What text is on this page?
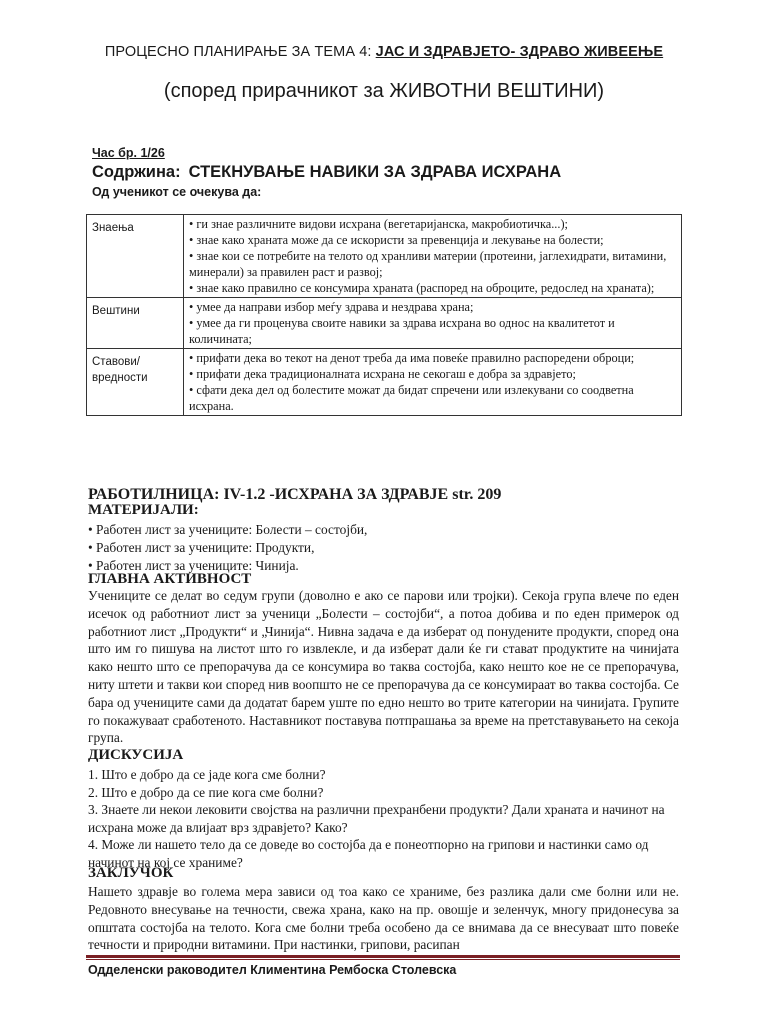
ПРОЦЕСНО ПЛАНИРАЊЕ ЗА ТЕМА 4: ЈАС И ЗДРАВЈЕТО- ЗДРАВО ЖИВЕЕЊЕ
(според прирачникот за ЖИВОТНИ ВЕШТИНИ)
Час бр. 1/26
Содржина: СТЕКНУВАЊЕ НАВИКИ ЗА ЗДРАВА ИСХРАНА
Од ученикот се очекува да:
Знаења	• ги знае различните видови исхрана (вегетаријанска, макробиотичка...);
• знае како храната може да се искористи за превенција и лекување на болести;
• знае кои се потребите на телото од хранливи материи (протеини, јаглехидрати, витамини, минерали) за правилен раст и развој;
• знае како правилно се консумира храната (распоред на оброците, редослед на храната);

Вештини	• умее да направи избор меѓу здрава и нездрава храна;
• умее да ги проценува своите навики за здрава исхрана во однос на квалитетот и количината;

Ставови/ вредности	• прифати дека во текот на денот треба да има повеќе правилно распоредени оброци;
• прифати дека традиционалната исхрана не секогаш е добра за здравјето;
• сфати дека дел од болестите можат да бидат спречени или излекувани со соодветна исхрана.
РАБОТИЛНИЦА: IV-1.2 -ИСХРАНА ЗА ЗДРАВЈЕ str. 209
МАТЕРИЈАЛИ:
• Работен лист за учениците: Болести – состојби,
• Работен лист за учениците: Продукти,
• Работен лист за учениците: Чинија.
ГЛАВНА АКТИВНОСТ
Учениците се делат во седум групи (доволно е ако се парови или тројки). Секоја група влече по еден исечок од работниот лист за ученици „Болести – состојби“, а потоа добива и по еден примерок од работниот лист „Продукти“ и „Чинија“. Нивна задача е да изберат од понудените продукти, според она што им го пишува на листот што го извлекле, и да изберат дали ќе ги стават продуктите на чинијата како нешто што се препорачува да се консумира во таква состојба, како нешто кое не се препорачува, ниту штети и такви кои според нив воопшто не се препорачува да се консумираат во таква состојба. Се бара од учениците сами да додатат барем уште по едно нешто во трите категории на чинијата. Групите го покажуваат сработеното. Наставникот поставува потпрашања за време на претставувањето на секоја група.
ДИСКУСИЈА
1. Што е добро да се јаде кога сме болни?
2. Што е добро да се пие кога сме болни?
3. Знаете ли некои лековити својства на различни прехранбени продукти? Дали храната и начинот на исхрана може да влијаат врз здравјето? Како?
4. Може ли нашето тело да се доведе во состојба да е понеотпорно на грипови и настинки само од начинот на кој се храниме?
ЗАКЛУЧОК
Нашето здравје во голема мера зависи од тоа како се храниме, без разлика дали сме болни или не. Редовното внесување на течности, свежа храна, како на пр. овошје и зеленчук, многу придонесува за општата состојба на телото. Кога сме болни треба особено да се внимава да се внесуваат што повеќе течности и природни витамини. При настинки, грипови, расипан
Одделенски раководител Климентина Рембоска Столевска
